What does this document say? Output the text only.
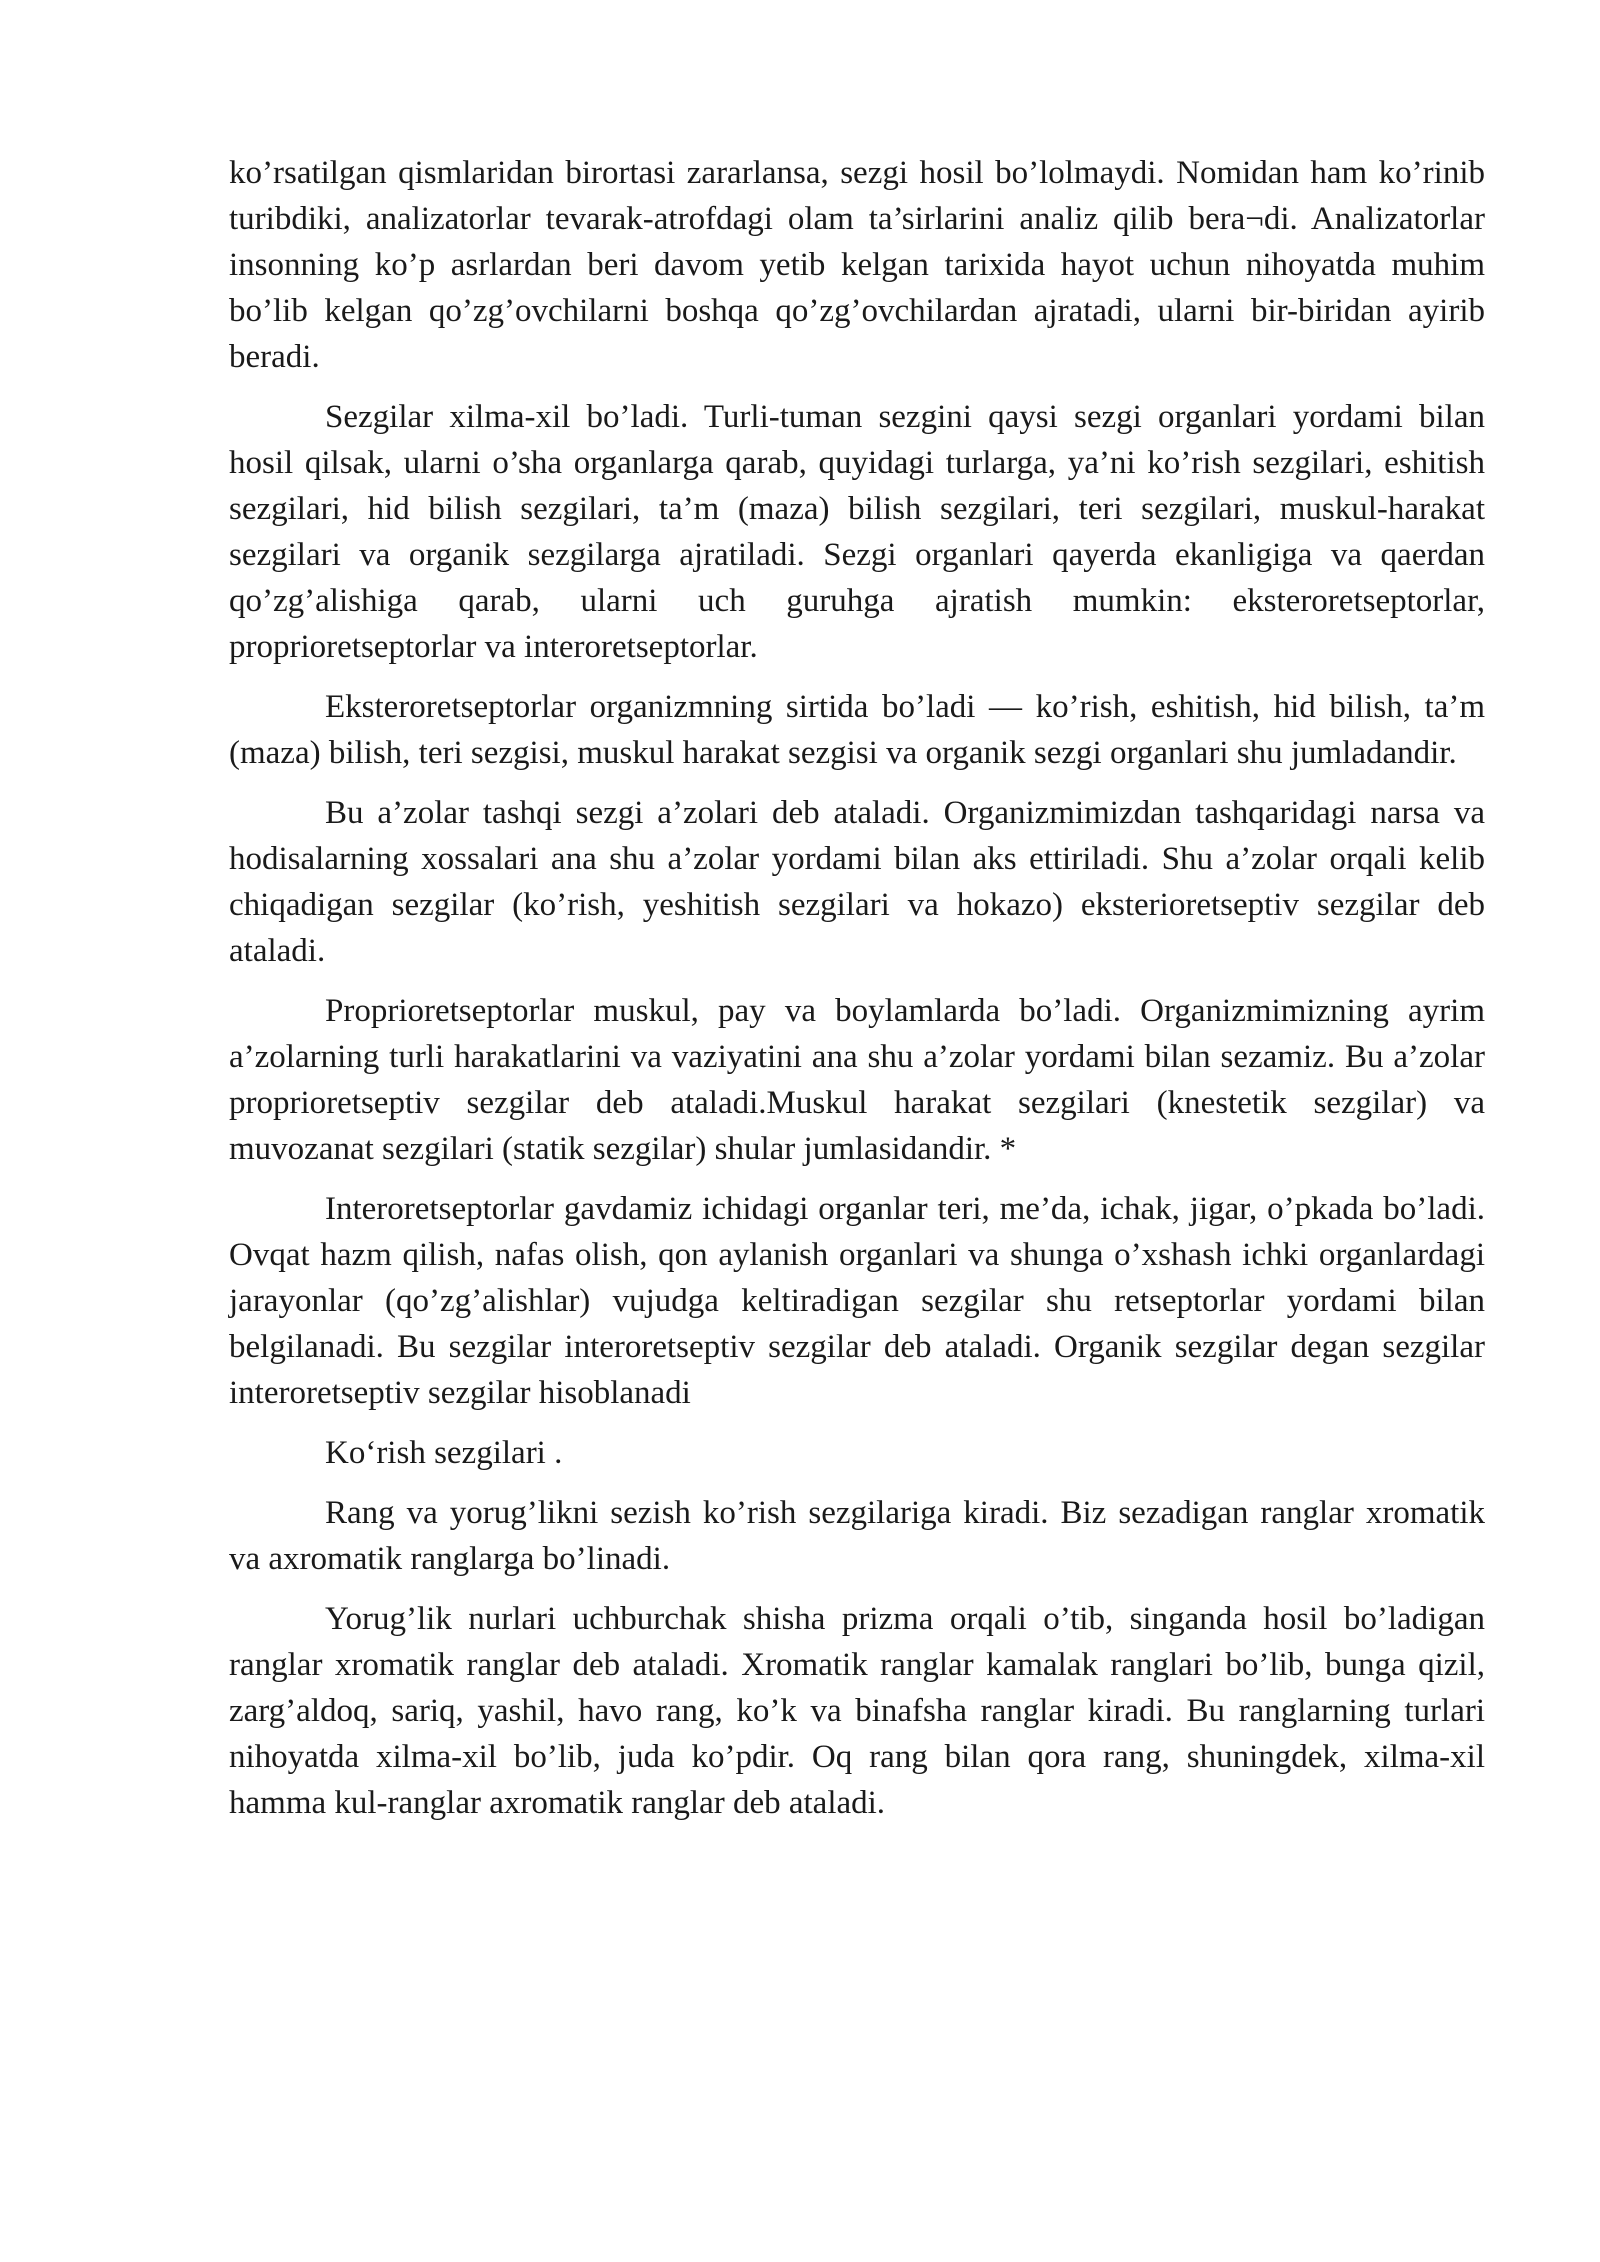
ko’rsatilgan qismlaridan birortasi zararlansa, sezgi hosil bo’lolmaydi. Nomidan ham ko’rinib turibdiki, analizatorlar tevarak-atrofdagi olam ta’sirlarini analiz qilib bera¬di. Analizatorlar insonning ko’p asrlardan beri davom yetib kelgan tarixida hayot uchun nihoyatda muhim bo’lib kelgan qo’zg’ovchilarni boshqa qo’zg’ovchilardan ajratadi, ularni bir-biridan ayirib beradi.

Sezgilar xilma-xil bo’ladi. Turli-tuman sezgini qaysi sezgi organlari yordami bilan hosil qilsak, ularni o’sha organlarga qarab, quyidagi turlarga, ya’ni ko’rish sezgilari, eshitish sezgilari, hid bilish sezgilari, ta’m (maza) bilish sezgilari, teri sezgilari, muskul-harakat sezgilari va organik sezgilarga ajratiladi. Sezgi organlari qayerda ekanligiga va qaerdan qo’zg’alishiga qarab, ularni uch guruhga ajratish mumkin: eksteroretseptorlar, proprioretseptorlar va interoretseptorlar.

Eksteroretseptorlar organizmning sirtida bo’ladi — ko’rish, eshitish, hid bilish, ta’m (maza) bilish, teri sezgisi, muskul harakat sezgisi va organik sezgi organlari shu jumladandir.

Bu a’zolar tashqi sezgi a’zolari deb ataladi. Organizmimizdan tashqaridagi narsa va hodisalarning xossalari ana shu a’zolar yordami bilan aks ettiriladi. Shu a’zolar orqali kelib chiqadigan sezgilar (ko’rish, yeshitish sezgilari va hokazo) eksterioretseptiv sezgilar deb ataladi.

Proprioretseptorlar muskul, pay va boylamlarda bo’ladi. Organizmimizning ayrim a’zolarning turli harakatlarini va vaziyatini ana shu a’zolar yordami bilan sezamiz. Bu a’zolar proprioretseptiv sezgilar deb ataladi.Muskul harakat sezgilari (knestetik sezgilar) va muvozanat sezgilari (statik sezgilar) shular jumlasidandir. *

Interoretseptorlar gavdamiz ichidagi organlar teri, me’da, ichak, jigar, o’pkada bo’ladi. Ovqat hazm qilish, nafas olish, qon aylanish organlari va shunga o’xshash ichki organlardagi jarayonlar (qo’zg’alishlar) vujudga keltiradigan sezgilar shu retseptorlar yordami bilan belgilanadi. Bu sezgilar interoretseptiv sezgilar deb ataladi. Organik sezgilar degan sezgilar interoretseptiv sezgilar hisoblanadi

Ko‘rish sezgilari .

Rang va yorug’likni sezish ko’rish sezgilariga kiradi. Biz sezadigan ranglar xromatik va axromatik ranglarga bo’linadi.

Yorug’lik nurlari uchburchak shisha prizma orqali o’tib, singanda hosil bo’ladigan ranglar xromatik ranglar deb ataladi. Xromatik ranglar kamalak ranglari bo’lib, bunga qizil, zarg’aldoq, sariq, yashil, havo rang, ko’k va binafsha ranglar kiradi. Bu ranglarning turlari nihoyatda xilma-xil bo’lib, juda ko’pdir. Oq rang bilan qora rang, shuningdek, xilma-xil hamma kul-ranglar axromatik ranglar deb ataladi.
